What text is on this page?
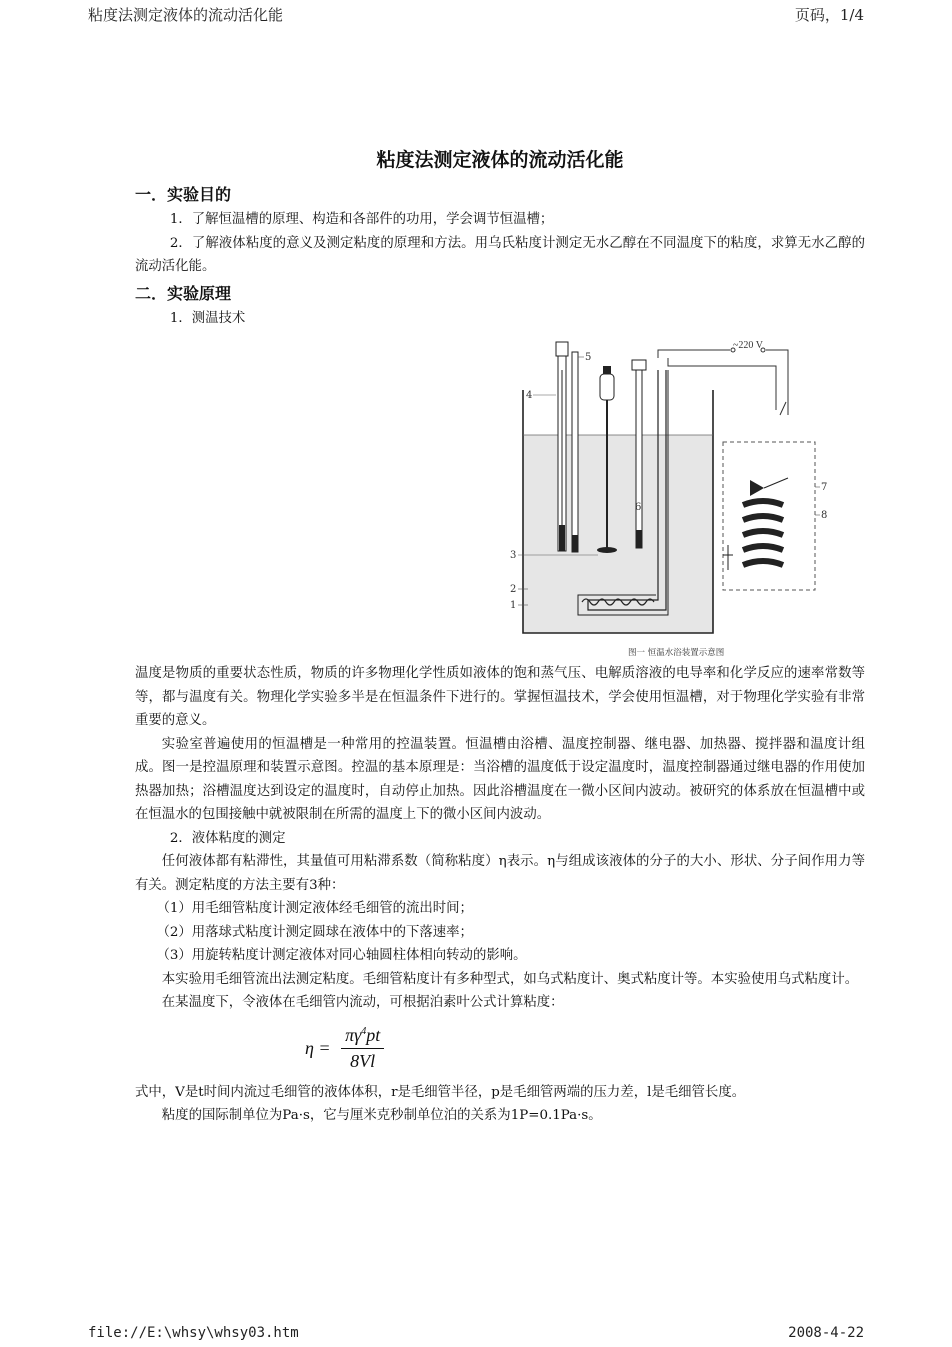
粘度法测定液体的流动活化能	页码，1/4
粘度法测定液体的流动活化能
一．实验目的

1．了解恒温槽的原理、构造和各部件的功用，学会调节恒温槽；

2．了解液体粘度的意义及测定粘度的原理和方法。用乌氏粘度计测定无水乙醇在不同温度下的粘度，求算无水乙醇的流动活化能。

二．实验原理

1．测温技术

~220 V
4
5
6
3
2
1
7
8
图一 恒温水浴装置示意图

温度是物质的重要状态性质，物质的许多物理化学性质如液体的饱和蒸气压、电解质溶液的电导率和化学反应的速率常数等等，都与温度有关。物理化学实验多半是在恒温条件下进行的。掌握恒温技术，学会使用恒温槽，对于物理化学实验有非常重要的意义。

实验室普遍使用的恒温槽是一种常用的控温装置。恒温槽由浴槽、温度控制器、继电器、加热器、搅拌器和温度计组成。图一是控温原理和装置示意图。控温的基本原理是：当浴槽的温度低于设定温度时，温度控制器通过继电器的作用使加热器加热；浴槽温度达到设定的温度时，自动停止加热。因此浴槽温度在一微小区间内波动。被研究的体系放在恒温槽中或在恒温水的包围接触中就被限制在所需的温度上下的微小区间内波动。

2．液体粘度的测定

任何液体都有粘滞性，其量值可用粘滞系数（简称粘度）η表示。η与组成该液体的分子的大小、形状、分子间作用力等有关。测定粘度的方法主要有3种：

（1）用毛细管粘度计测定液体经毛细管的流出时间；

（2）用落球式粘度计测定圆球在液体中的下落速率；

（3）用旋转粘度计测定液体对同心轴圆柱体相向转动的影响。

本实验用毛细管流出法测定粘度。毛细管粘度计有多种型式，如乌式粘度计、奥式粘度计等。本实验使用乌式粘度计。

在某温度下，令液体在毛细管内流动，可根据泊素叶公式计算粘度：

$\eta = \frac{\pi\gamma^4pt}{8Vl}$

式中，V是t时间内流过毛细管的液体体积，r是毛细管半径，p是毛细管两端的压力差，l是毛细管长度。

粘度的国际制单位为Pa·s，它与厘米克秒制单位泊的关系为1P=0.1Pa·s。

file://E:\whsy\whsy03.htm	2008-4-22
